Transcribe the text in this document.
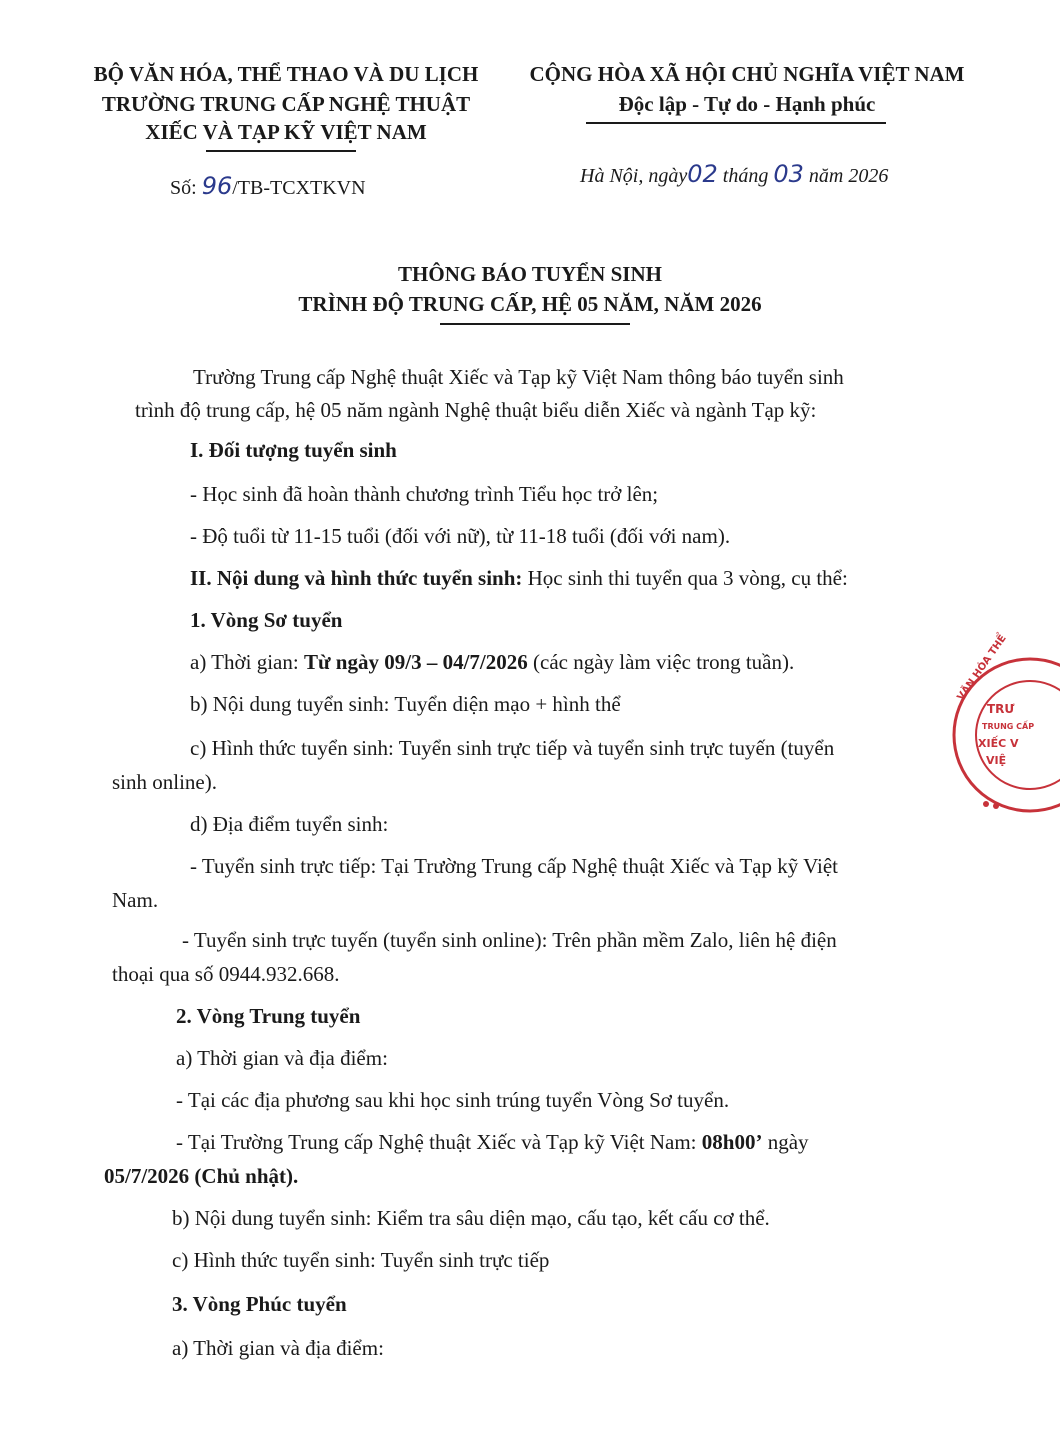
BỘ VĂN HÓA, THỂ THAO VÀ DU LỊCH
TRƯỜNG TRUNG CẤP NGHỆ THUẬT
XIẾC VÀ TẠP KỸ VIỆT NAM
Số: 96/TB-TCXTKVN
CỘNG HÒA XÃ HỘI CHỦ NGHĨA VIỆT NAM
Độc lập - Tự do - Hạnh phúc
Hà Nội, ngày02 tháng 03 năm 2026
THÔNG BÁO TUYỂN SINH
TRÌNH ĐỘ TRUNG CẤP, HỆ 05 NĂM, NĂM 2026
Trường Trung cấp Nghệ thuật Xiếc và Tạp kỹ Việt Nam thông báo tuyển sinh
trình độ trung cấp, hệ 05 năm ngành Nghệ thuật biểu diễn Xiếc và ngành Tạp kỹ:
I. Đối tượng tuyển sinh
- Học sinh đã hoàn thành chương trình Tiểu học trở lên;
- Độ tuổi từ 11-15 tuổi (đối với nữ), từ 11-18 tuổi (đối với nam).
II. Nội dung và hình thức tuyển sinh: Học sinh thi tuyển qua 3 vòng, cụ thể:
1. Vòng Sơ tuyển
a) Thời gian: Từ ngày 09/3 – 04/7/2026 (các ngày làm việc trong tuần).
b) Nội dung tuyển sinh: Tuyển diện mạo + hình thể
c) Hình thức tuyển sinh: Tuyển sinh trực tiếp và tuyển sinh trực tuyến (tuyển
sinh online).
d) Địa điểm tuyển sinh:
- Tuyển sinh trực tiếp: Tại Trường Trung cấp Nghệ thuật Xiếc và Tạp kỹ Việt
Nam.
- Tuyển sinh trực tuyến (tuyển sinh online): Trên phần mềm Zalo, liên hệ điện
thoại qua số 0944.932.668.
2. Vòng Trung tuyển
a) Thời gian và địa điểm:
- Tại các địa phương sau khi học sinh trúng tuyển Vòng Sơ tuyển.
- Tại Trường Trung cấp Nghệ thuật Xiếc và Tạp kỹ Việt Nam: 08h00’ ngày
05/7/2026 (Chủ nhật).
b) Nội dung tuyển sinh: Kiểm tra sâu diện mạo, cấu tạo, kết cấu cơ thể.
c) Hình thức tuyển sinh: Tuyển sinh trực tiếp
3. Vòng Phúc tuyển
a) Thời gian và địa điểm:
VĂN HÓA THỂ
TRƯ
TRUNG CẤP
XIẾC V
VIỆ
